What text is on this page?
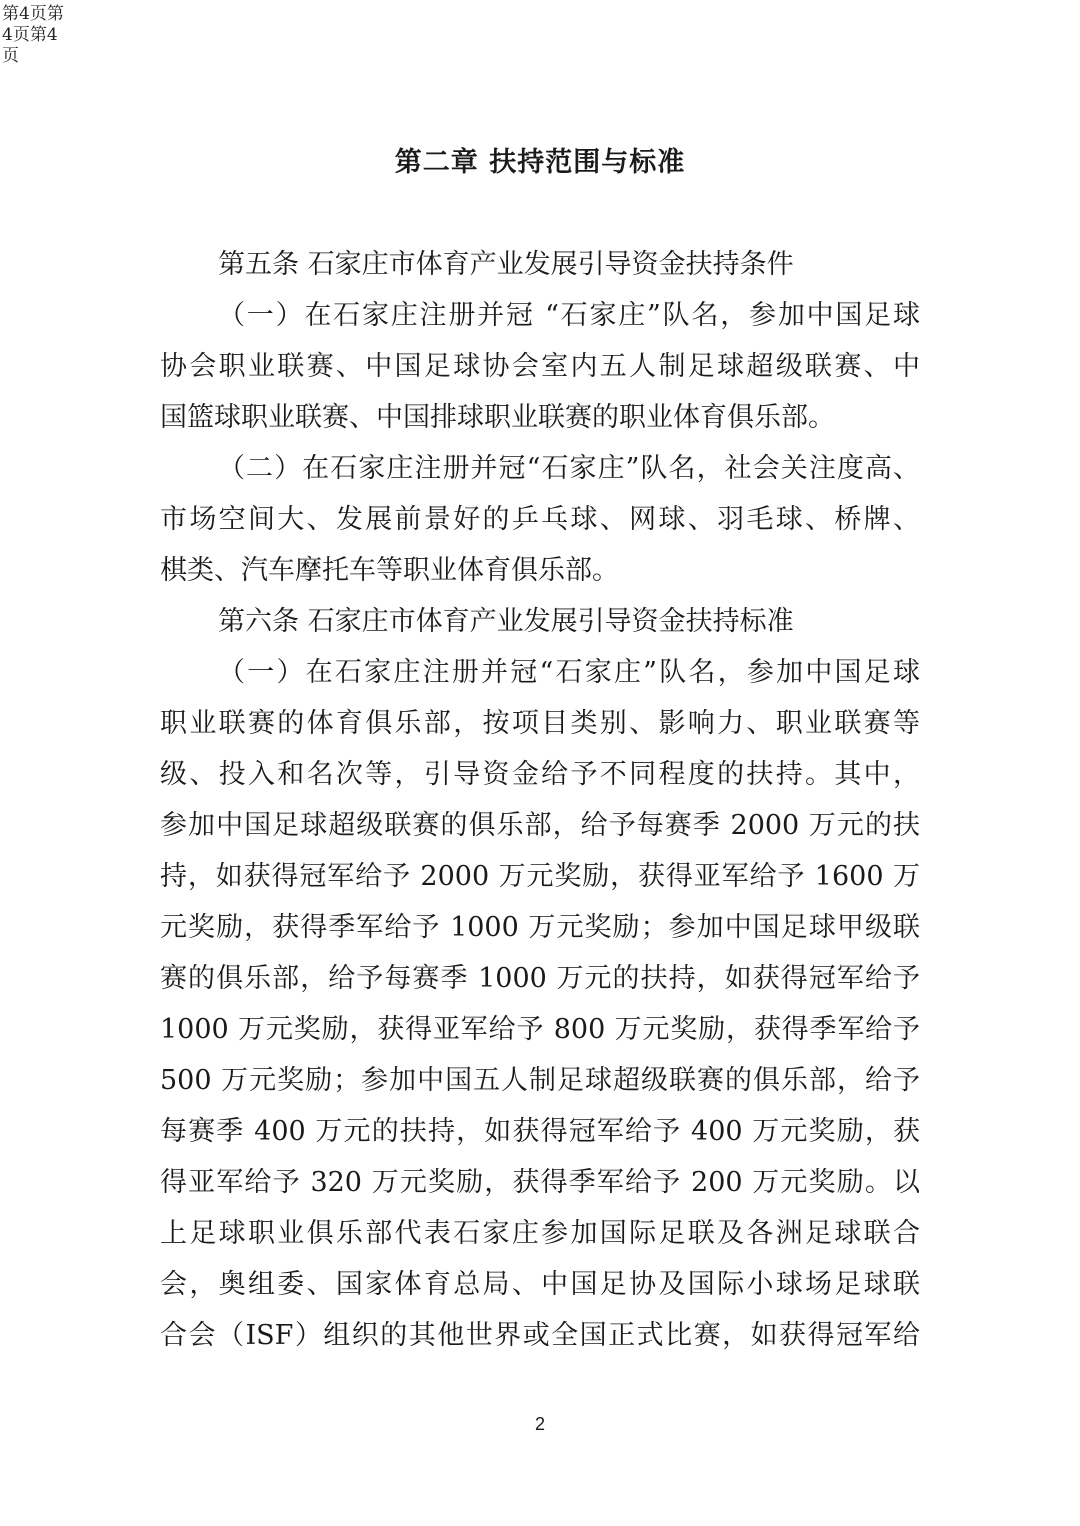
第4页第
4页第4
页
第二章 扶持范围与标准
第五条 石家庄市体育产业发展引导资金扶持条件
（一）在石家庄注册并冠 “石家庄”队名，参加中国足球
协会职业联赛、中国足球协会室内五人制足球超级联赛、中
国篮球职业联赛、中国排球职业联赛的职业体育俱乐部。
（二）在石家庄注册并冠“石家庄”队名，社会关注度高、
市场空间大、发展前景好的乒乓球、网球、羽毛球、桥牌、
棋类、汽车摩托车等职业体育俱乐部。
第六条 石家庄市体育产业发展引导资金扶持标准
（一）在石家庄注册并冠“石家庄”队名，参加中国足球
职业联赛的体育俱乐部，按项目类别、影响力、职业联赛等
级、投入和名次等，引导资金给予不同程度的扶持。其中，
参加中国足球超级联赛的俱乐部，给予每赛季 2000 万元的扶
持，如获得冠军给予 2000 万元奖励，获得亚军给予 1600 万
元奖励，获得季军给予 1000 万元奖励；参加中国足球甲级联
赛的俱乐部，给予每赛季 1000 万元的扶持，如获得冠军给予
1000 万元奖励，获得亚军给予 800 万元奖励，获得季军给予
500 万元奖励；参加中国五人制足球超级联赛的俱乐部，给予
每赛季 400 万元的扶持，如获得冠军给予 400 万元奖励，获
得亚军给予 320 万元奖励，获得季军给予 200 万元奖励。以
上足球职业俱乐部代表石家庄参加国际足联及各洲足球联合
会，奥组委、国家体育总局、中国足协及国际小球场足球联
合会（ISF）组织的其他世界或全国正式比赛，如获得冠军给
2
